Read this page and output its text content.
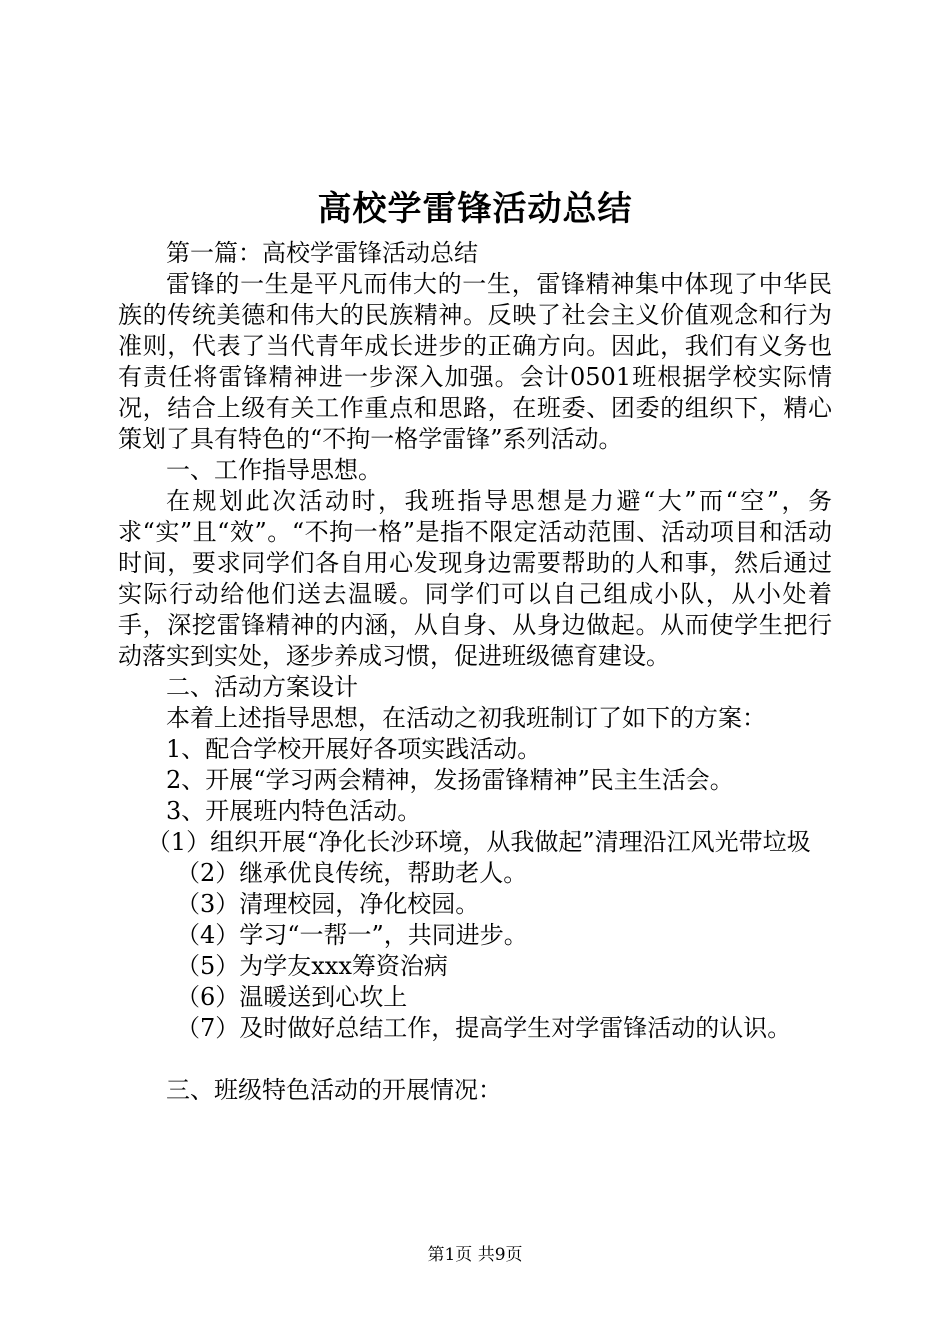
高校学雷锋活动总结

第一篇：高校学雷锋活动总结

雷锋的一生是平凡而伟大的一生，雷锋精神集中体现了中华民族的传统美德和伟大的民族精神。反映了社会主义价值观念和行为准则，代表了当代青年成长进步的正确方向。因此，我们有义务也有责任将雷锋精神进一步深入加强。会计0501班根据学校实际情况，结合上级有关工作重点和思路，在班委、团委的组织下，精心策划了具有特色的“不拘一格学雷锋”系列活动。

一、工作指导思想。

在规划此次活动时，我班指导思想是力避“大”而“空”，务求“实”且“效”。“不拘一格”是指不限定活动范围、活动项目和活动时间，要求同学们各自用心发现身边需要帮助的人和事，然后通过实际行动给他们送去温暖。同学们可以自己组成小队，从小处着手，深挖雷锋精神的内涵，从自身、从身边做起。从而使学生把行动落实到实处，逐步养成习惯，促进班级德育建设。

二、活动方案设计

本着上述指导思想，在活动之初我班制订了如下的方案：

1、配合学校开展好各项实践活动。

2、开展“学习两会精神，发扬雷锋精神”民主生活会。

3、开展班内特色活动。

（1）组织开展“净化长沙环境，从我做起”清理沿江风光带垃圾

（2）继承优良传统，帮助老人。

（3）清理校园，净化校园。

（4）学习“一帮一”，共同进步。

（5）为学友xxx筹资治病

（6）温暖送到心坎上

（7）及时做好总结工作，提高学生对学雷锋活动的认识。

三、班级特色活动的开展情况：

第1页 共9页
